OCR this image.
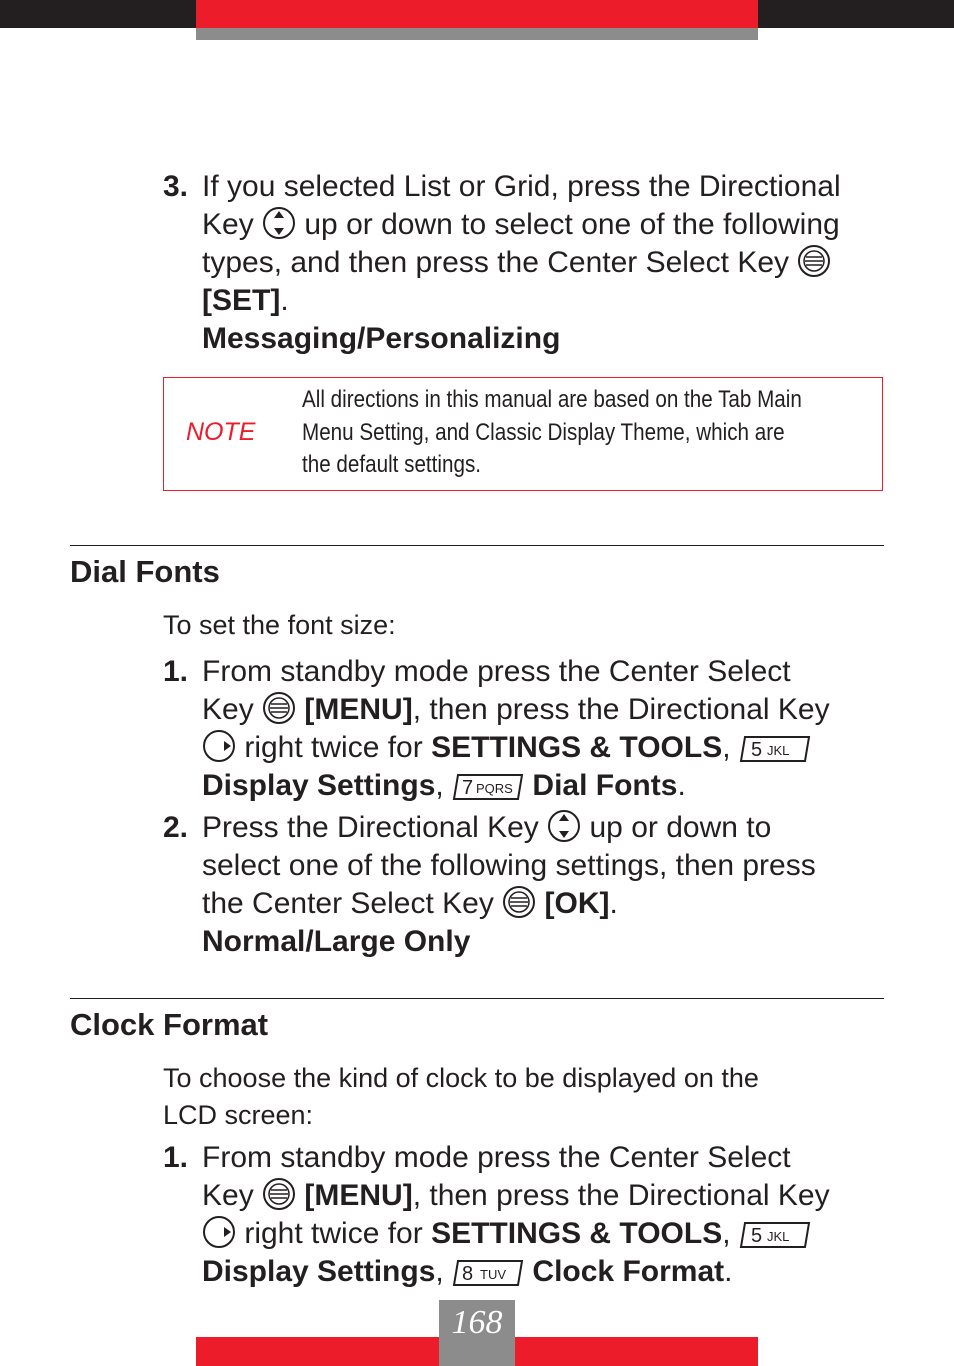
3. If you selected List or Grid, press the Directional
Key  up or down to select one of the following
types, and then press the Center Select Key
[SET].
Messaging/Personalizing
NOTE
All directions in this manual are based on the Tab Main
Menu Setting, and Classic Display Theme, which are
the default settings.
Dial Fonts
To set the font size:
1. From standby mode press the Center Select
Key  [MENU], then press the Directional Key
right twice for SETTINGS & TOOLS, 5 JKL
Display Settings, 7 PQRS Dial Fonts.
2. Press the Directional Key  up or down to
select one of the following settings, then press
the Center Select Key  [OK].
Normal/Large Only
Clock Format
To choose the kind of clock to be displayed on the
LCD screen:
1. From standby mode press the Center Select
Key  [MENU], then press the Directional Key
right twice for SETTINGS & TOOLS, 5 JKL
Display Settings, 8 TUV Clock Format.
168
